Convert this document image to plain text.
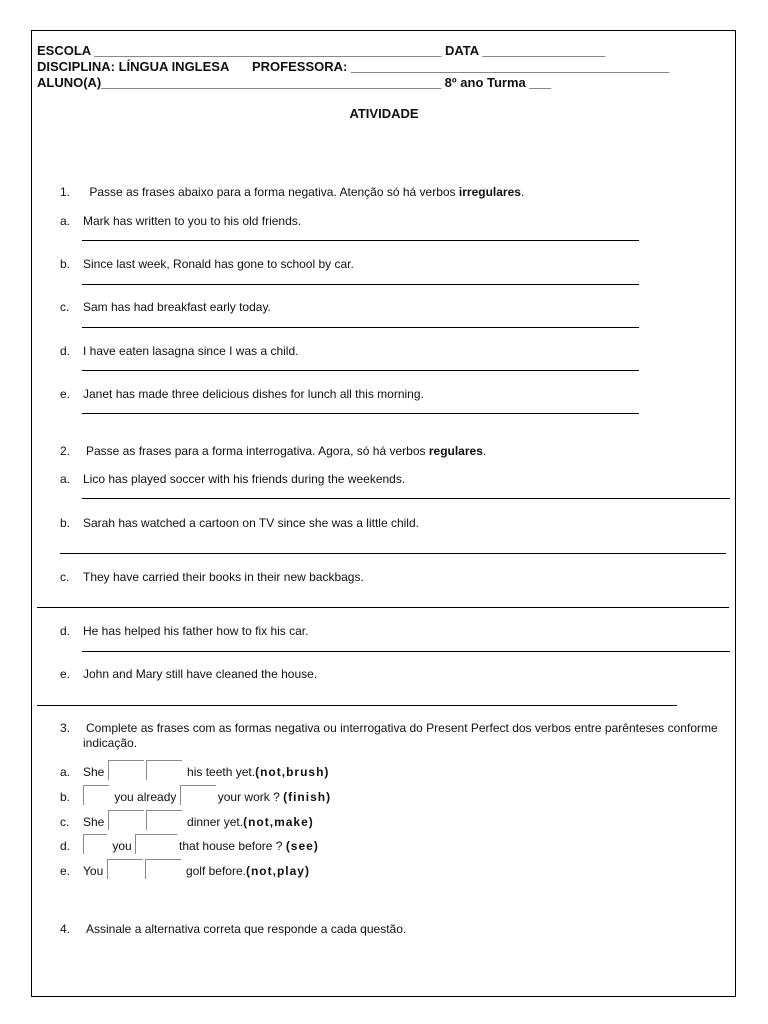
ESCOLA ________________________________________________ DATA _________________
DISCIPLINA: LÍNGUA INGLESA PROFESSORA: ____________________________________________
ALUNO(A)_______________________________________________ 8º ano Turma ___
ATIVIDADE
1. Passe as frases abaixo para a forma negativa. Atenção só há verbos irregulares.
a. Mark has written to you to his old friends.
b. Since last week, Ronald has gone to school by car.
c. Sam has had breakfast early today.
d. I have eaten lasagna since I was a child.
e. Janet has made three delicious dishes for lunch all this morning.
2. Passe as frases para a forma interrogativa. Agora, só há verbos regulares.
a. Lico has played soccer with his friends during the weekends.
b. Sarah has watched a cartoon on TV since she was a little child.
c. They have carried their books in their new backbags.
d. He has helped his father how to fix his car.
e. John and Mary still have cleaned the house.
3. Complete as frases com as formas negativa ou interrogativa do Present Perfect dos verbos entre parênteses conforme
indicação.
a. She	his teeth yet.(not,brush)
b.	you already	your work ? (finish)
c. She	dinner yet.(not,make)
d.	you	that house before ? (see)
e. You	golf before.(not,play)
4. Assinale a alternativa correta que responde a cada questão.
